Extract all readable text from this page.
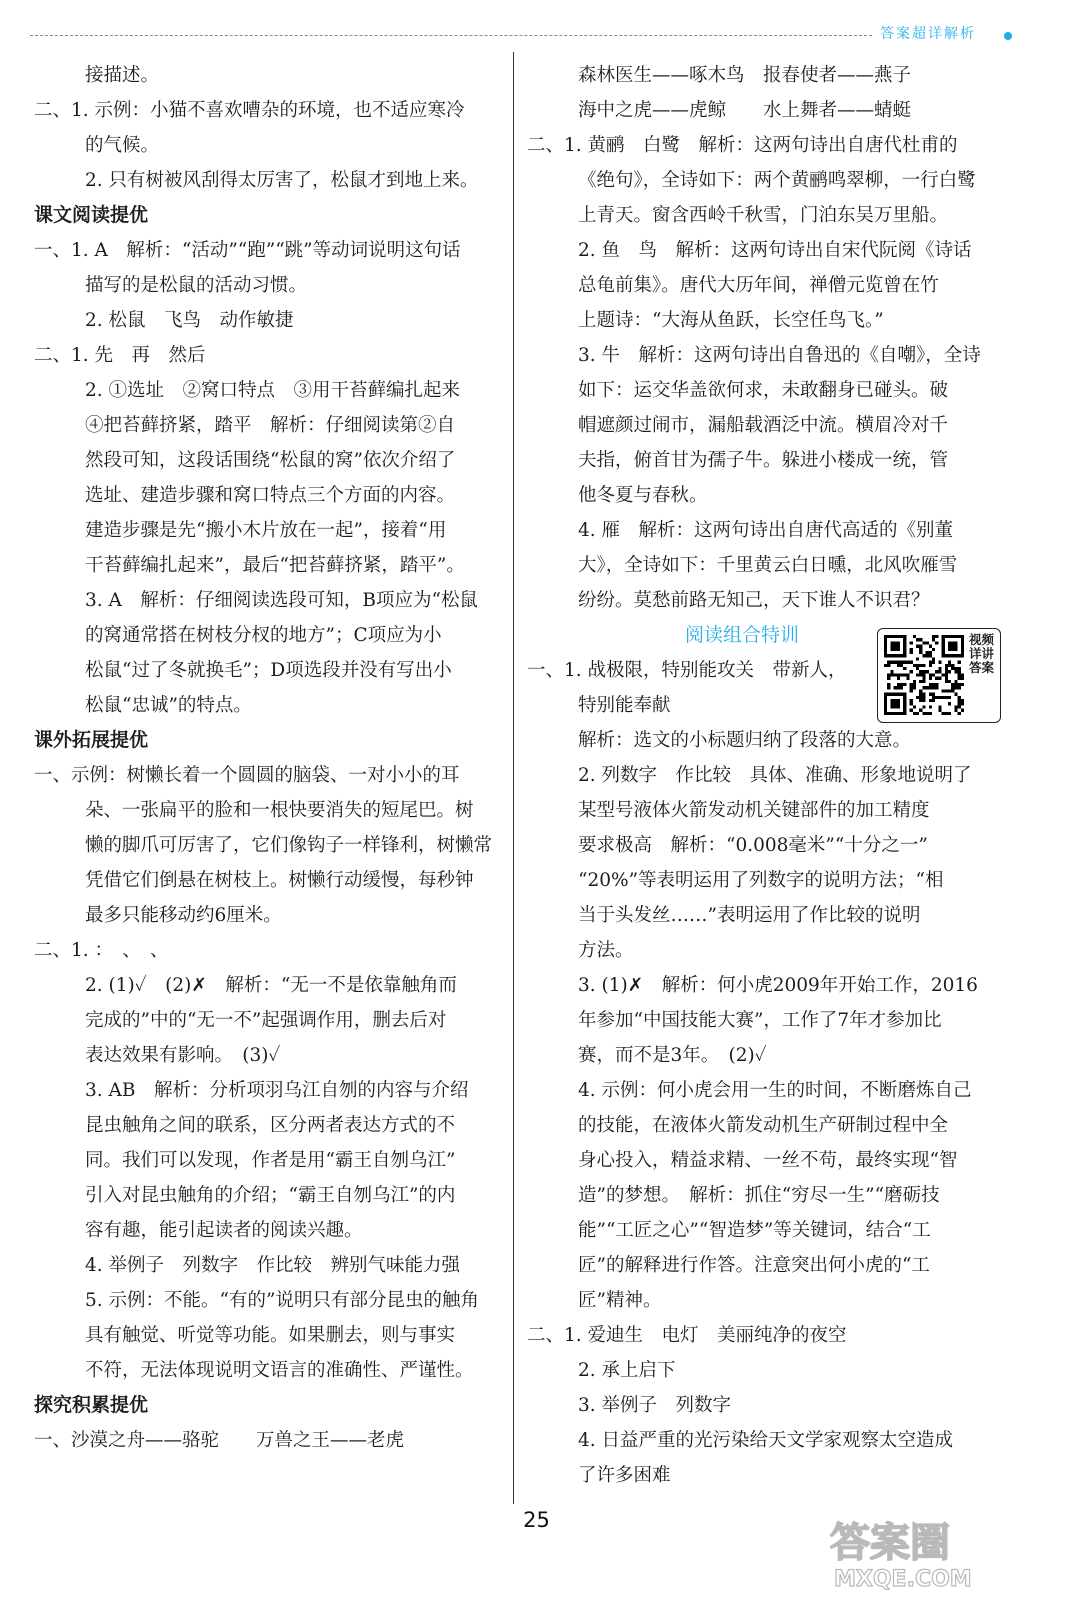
答案超详解析
接描述。
二、1. 示例：小猫不喜欢嘈杂的环境，也不适应寒冷
的气候。
2. 只有树被风刮得太厉害了，松鼠才到地上来。
课文阅读提优
一、1. A　解析：“活动”“跑”“跳”等动词说明这句话
描写的是松鼠的活动习惯。
2. 松鼠　飞鸟　动作敏捷
二、1. 先　再　然后
2. ①选址　②窝口特点　③用干苔藓编扎起来
④把苔藓挤紧，踏平　解析：仔细阅读第②自
然段可知，这段话围绕“松鼠的窝”依次介绍了
选址、建造步骤和窝口特点三个方面的内容。
建造步骤是先“搬小木片放在一起”，接着“用
干苔藓编扎起来”，最后“把苔藓挤紧，踏平”。
3. A　解析：仔细阅读选段可知，B项应为“松鼠
的窝通常搭在树枝分杈的地方”；C项应为小
松鼠“过了冬就换毛”；D项选段并没有写出小
松鼠“忠诚”的特点。
课外拓展提优
一、示例：树懒长着一个圆圆的脑袋、一对小小的耳
朵、一张扁平的脸和一根快要消失的短尾巴。树
懒的脚爪可厉害了，它们像钩子一样锋利，树懒常
凭借它们倒悬在树枝上。树懒行动缓慢，每秒钟
最多只能移动约6厘米。
二、1. ：　、　、
2. (1)✓　(2)✗　解析：“无一不是依靠触角而
完成的”中的“无一不”起强调作用，删去后对
表达效果有影响。　(3)✓
3. AB　解析：分析项羽乌江自刎的内容与介绍
昆虫触角之间的联系，区分两者表达方式的不
同。我们可以发现，作者是用“霸王自刎乌江”
引入对昆虫触角的介绍；“霸王自刎乌江”的内
容有趣，能引起读者的阅读兴趣。
4. 举例子　列数字　作比较　辨别气味能力强
5. 示例：不能。“有的”说明只有部分昆虫的触角
具有触觉、听觉等功能。如果删去，则与事实
不符，无法体现说明文语言的准确性、严谨性。
探究积累提优
一、沙漠之舟——骆驼　　万兽之王——老虎
森林医生——啄木鸟　报春使者——燕子
海中之虎——虎鲸　　水上舞者——蜻蜓
二、1. 黄鹂　白鹭　解析：这两句诗出自唐代杜甫的
《绝句》，全诗如下：两个黄鹂鸣翠柳，一行白鹭
上青天。窗含西岭千秋雪，门泊东吴万里船。
2. 鱼　鸟　解析：这两句诗出自宋代阮阅《诗话
总龟前集》。唐代大历年间，禅僧元览曾在竹
上题诗：“大海从鱼跃，长空任鸟飞。”
3. 牛　解析：这两句诗出自鲁迅的《自嘲》，全诗
如下：运交华盖欲何求，未敢翻身已碰头。破
帽遮颜过闹市，漏船载酒泛中流。横眉冷对千
夫指，俯首甘为孺子牛。躲进小楼成一统，管
他冬夏与春秋。
4. 雁　解析：这两句诗出自唐代高适的《别董
大》，全诗如下：千里黄云白日曛，北风吹雁雪
纷纷。莫愁前路无知己，天下谁人不识君？
阅读组合特训
一、1. 战极限，特别能攻关　带新人，
特别能奉献
解析：选文的小标题归纳了段落的大意。
2. 列数字　作比较　具体、准确、形象地说明了
某型号液体火箭发动机关键部件的加工精度
要求极高　解析：“0.008毫米”“十分之一”
“20%”等表明运用了列数字的说明方法；“相
当于头发丝……”表明运用了作比较的说明
方法。
3. (1)✗　解析：何小虎2009年开始工作，2016
年参加“中国技能大赛”，工作了7年才参加比
赛，而不是3年。　(2)✓
4. 示例：何小虎会用一生的时间，不断磨炼自己
的技能，在液体火箭发动机生产研制过程中全
身心投入，精益求精、一丝不苟，最终实现“智
造”的梦想。　解析：抓住“穷尽一生”“磨砺技
能”“工匠之心”“智造梦”等关键词，结合“工
匠”的解释进行作答。注意突出何小虎的“工
匠”精神。
二、1. 爱迪生　电灯　美丽纯净的夜空
2. 承上启下
3. 举例子　列数字
4. 日益严重的光污染给天文学家观察太空造成
了许多困难
视频详讲答案
25	答案圈
MXQE.COM
